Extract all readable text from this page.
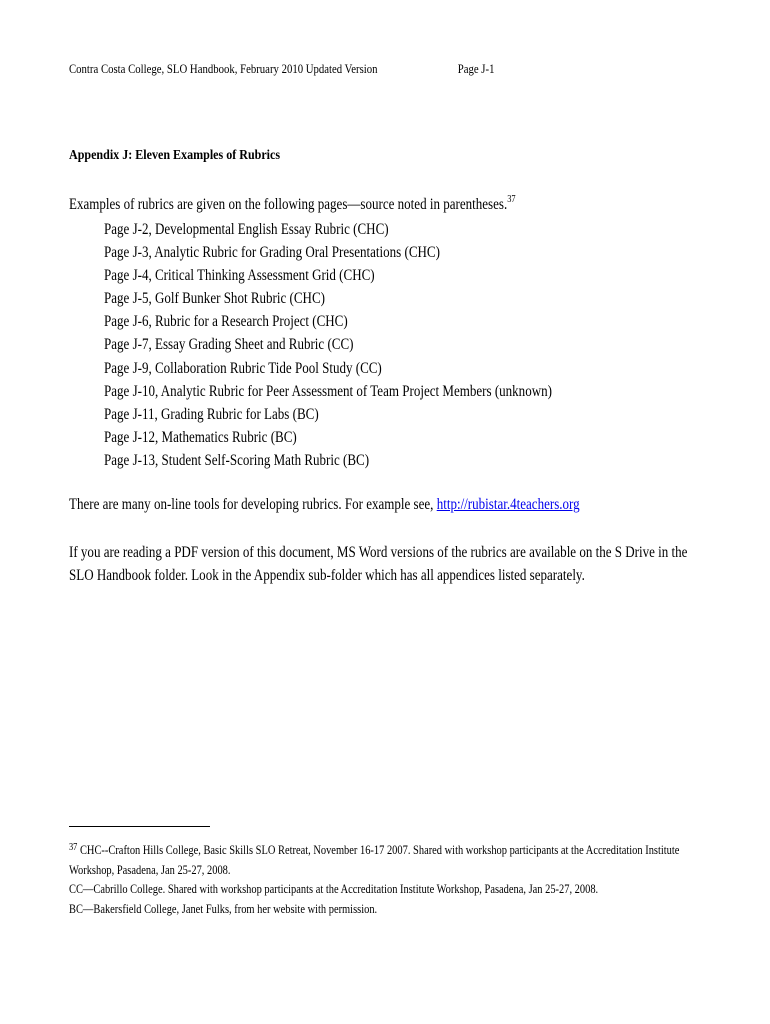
Contra Costa College, SLO Handbook, February 2010 Updated Version	Page J-1
Appendix J: Eleven Examples of Rubrics
Examples of rubrics are given on the following pages—source noted in parentheses.$^{37}$
Page J-2, Developmental English Essay Rubric (CHC)
Page J-3, Analytic Rubric for Grading Oral Presentations (CHC)
Page J-4, Critical Thinking Assessment Grid (CHC)
Page J-5, Golf Bunker Shot Rubric (CHC)
Page J-6, Rubric for a Research Project (CHC)
Page J-7, Essay Grading Sheet and Rubric (CC)
Page J-9, Collaboration Rubric Tide Pool Study (CC)
Page J-10, Analytic Rubric for Peer Assessment of Team Project Members (unknown)
Page J-11, Grading Rubric for Labs (BC)
Page J-12, Mathematics Rubric (BC)
Page J-13, Student Self-Scoring Math Rubric (BC)
There are many on-line tools for developing rubrics. For example see, http://rubistar.4teachers.org
If you are reading a PDF version of this document, MS Word versions of the rubrics are available on the S Drive in the SLO Handbook folder. Look in the Appendix sub-folder which has all appendices listed separately.

$^{37}$ CHC--Crafton Hills College, Basic Skills SLO Retreat, November 16-17 2007. Shared with workshop participants at the Accreditation Institute Workshop, Pasadena, Jan 25-27, 2008.

CC—Cabrillo College. Shared with workshop participants at the Accreditation Institute Workshop, Pasadena, Jan 25-27, 2008.

BC—Bakersfield College, Janet Fulks, from her website with permission.
